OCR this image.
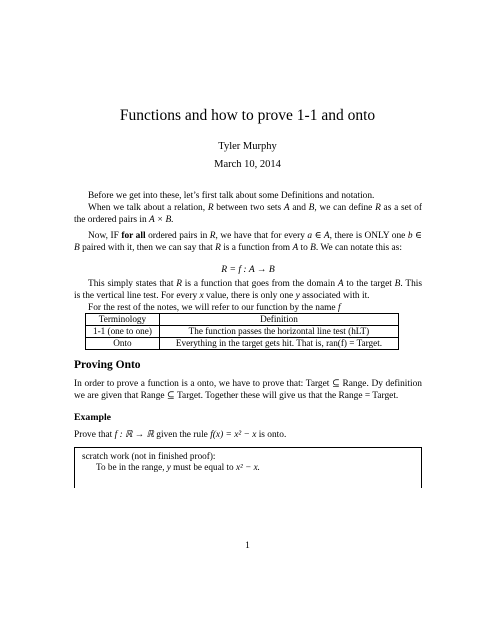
Functions and how to prove 1-1 and onto
Tyler Murphy
March 10, 2014
Before we get into these, let’s first talk about some Definitions and notation.
When we talk about a relation, R between two sets A and B, we can define R as a set of the ordered pairs in A × B.
Now, IF for all ordered pairs in R, we have that for every a ∈ A, there is ONLY one b ∈ B paired with it, then we can say that R is a function from A to B. We can notate this as:
R = f : A → B
This simply states that R is a function that goes from the domain A to the target B. This is the vertical line test. For every x value, there is only one y associated with it.
For the rest of the notes, we will refer to our function by the name f
Terminology	Definition
1-1 (one to one)	The function passes the horizontal line test (hLT)
Onto	Everything in the target gets hit. That is, ran(f) = Target.
Proving Onto
In order to prove a function is a onto, we have to prove that: Target ⊆ Range. Dy definition we are given that Range ⊆ Target. Together these will give us that the Range = Target.
Example
Prove that f : ℝ → ℝ given the rule f(x) = x² − x is onto.
scratch work (not in finished proof):
To be in the range, y must be equal to x² − x.
1
